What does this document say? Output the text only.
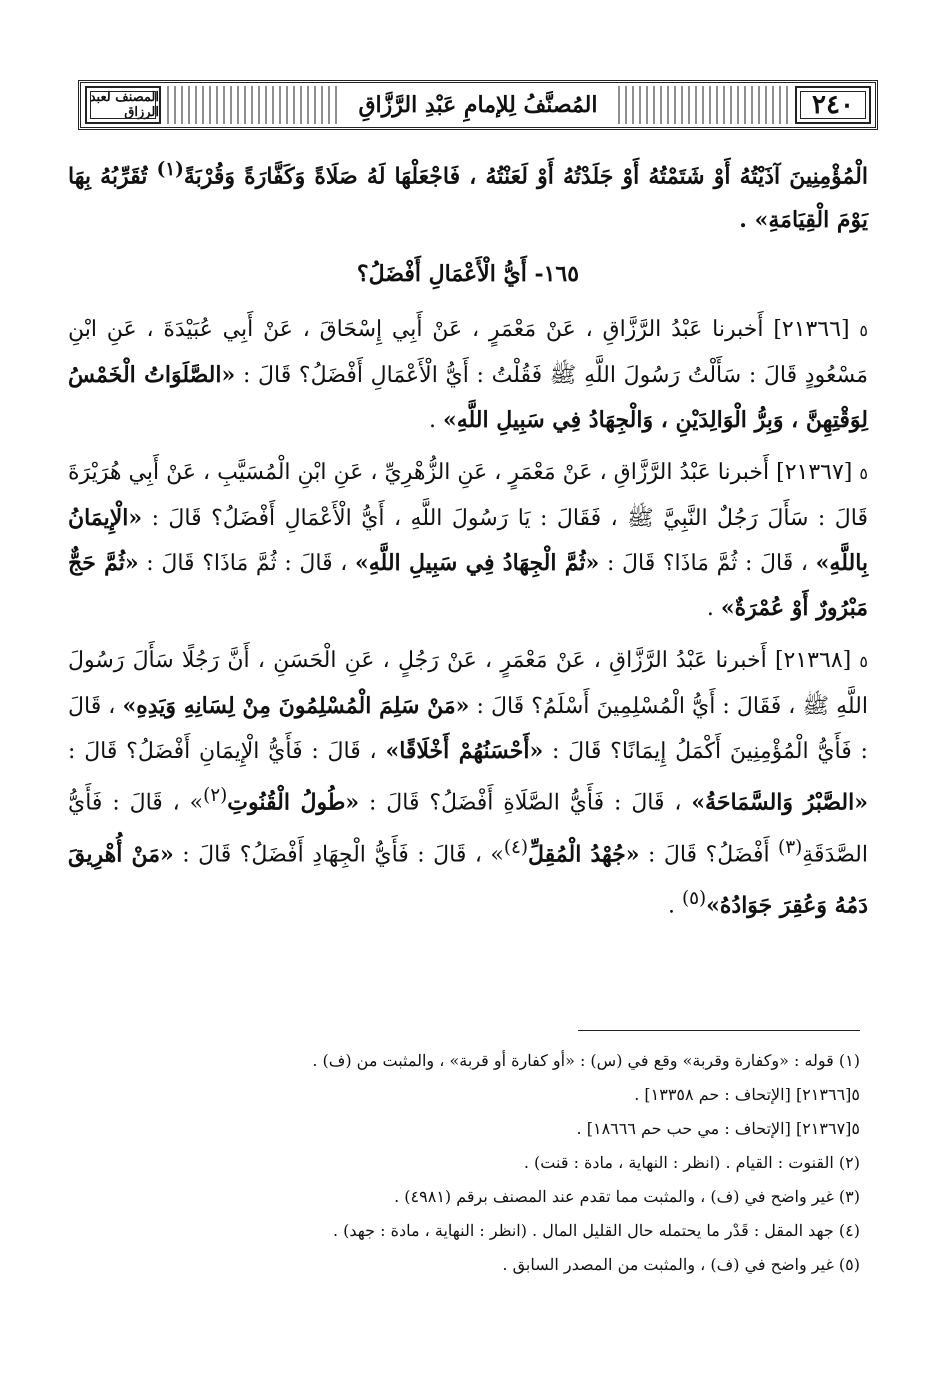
٢٤٠
المُصنَّفُ لِلإمامِ عَبْدِ الرَّزَّاقِ
المصنف لعبد الرزاق

الْمُؤْمِنِينَ آذَيْتُهُ أَوْ شَتَمْتُهُ أَوْ جَلَدْتُهُ أَوْ لَعَنْتُهُ ، فَاجْعَلْهَا لَهُ صَلَاةً وَكَفَّارَةً وَقُرْبَةً$^{(١)}$ تُقَرِّبُهُ بِهَا يَوْمَ الْقِيَامَةِ» .

١٦٥- أَيُّ الْأَعْمَالِ أَفْضَلُ؟

٥ [٢١٣٦٦] أَخبرنا عَبْدُ الرَّزَّاقِ ، عَنْ مَعْمَرٍ ، عَنْ أَبِي إِسْحَاقَ ، عَنْ أَبِي عُبَيْدَةَ ، عَنِ ابْنِ مَسْعُودٍ قَالَ : سَأَلْتُ رَسُولَ اللَّهِ ﷺ فَقُلْتُ : أَيُّ الْأَعْمَالِ أَفْضَلُ؟ قَالَ : «الصَّلَوَاتُ الْخَمْسُ لِوَقْتِهِنَّ ، وَبِرُّ الْوَالِدَيْنِ ، وَالْجِهَادُ فِي سَبِيلِ اللَّهِ» .

٥ [٢١٣٦٧] أَخبرنا عَبْدُ الرَّزَّاقِ ، عَنْ مَعْمَرٍ ، عَنِ الزُّهْرِيِّ ، عَنِ ابْنِ الْمُسَيَّبِ ، عَنْ أَبِي هُرَيْرَةَ قَالَ : سَأَلَ رَجُلٌ النَّبِيَّ ﷺ ، فَقَالَ : يَا رَسُولَ اللَّهِ ، أَيُّ الْأَعْمَالِ أَفْضَلُ؟ قَالَ : «الْإِيمَانُ بِاللَّهِ» ، قَالَ : ثُمَّ مَاذَا؟ قَالَ : «ثُمَّ الْجِهَادُ فِي سَبِيلِ اللَّهِ» ، قَالَ : ثُمَّ مَاذَا؟ قَالَ : «ثُمَّ حَجٌّ مَبْرُورٌ أَوْ عُمْرَةٌ» .

٥ [٢١٣٦٨] أَخبرنا عَبْدُ الرَّزَّاقِ ، عَنْ مَعْمَرٍ ، عَنْ رَجُلٍ ، عَنِ الْحَسَنِ ، أَنَّ رَجُلًا سَأَلَ رَسُولَ اللَّهِ ﷺ ، فَقَالَ : أَيُّ الْمُسْلِمِينَ أَسْلَمُ؟ قَالَ : «مَنْ سَلِمَ الْمُسْلِمُونَ مِنْ لِسَانِهِ وَيَدِهِ» ، قَالَ : فَأَيُّ الْمُؤْمِنِينَ أَكْمَلُ إِيمَانًا؟ قَالَ : «أَحْسَنُهُمْ أَخْلَاقًا» ، قَالَ : فَأَيُّ الْإِيمَانِ أَفْضَلُ؟ قَالَ : «الصَّبْرُ وَالسَّمَاحَةُ» ، قَالَ : فَأَيُّ الصَّلَاةِ أَفْضَلُ؟ قَالَ : «طُولُ الْقُنُوتِ$^{(٢)}$» ، قَالَ : فَأَيُّ الصَّدَقَةِ$^{(٣)}$ أَفْضَلُ؟ قَالَ : «جُهْدُ الْمُقِلِّ$^{(٤)}$» ، قَالَ : فَأَيُّ الْجِهَادِ أَفْضَلُ؟ قَالَ : «مَنْ أُهْرِيقَ دَمُهُ وَعُقِرَ جَوَادُهُ»$^{(٥)}$ .

(١) قوله : «وكفارة وقربة» وقع في (س) : «أو كفارة أو قربة» ، والمثبت من (ف) .
٥[٢١٣٦٦] [الإتحاف : حم ١٣٣٥٨] .
٥[٢١٣٦٧] [الإتحاف : مي حب حم ١٨٦٦٦] .
(٢) القنوت : القيام . (انظر : النهاية ، مادة : قنت) .
(٣) غير واضح في (ف) ، والمثبت مما تقدم عند المصنف برقم (٤٩٨١) .
(٤) جهد المقل : قَدْر ما يحتمله حال القليل المال . (انظر : النهاية ، مادة : جهد) .
(٥) غير واضح في (ف) ، والمثبت من المصدر السابق .
